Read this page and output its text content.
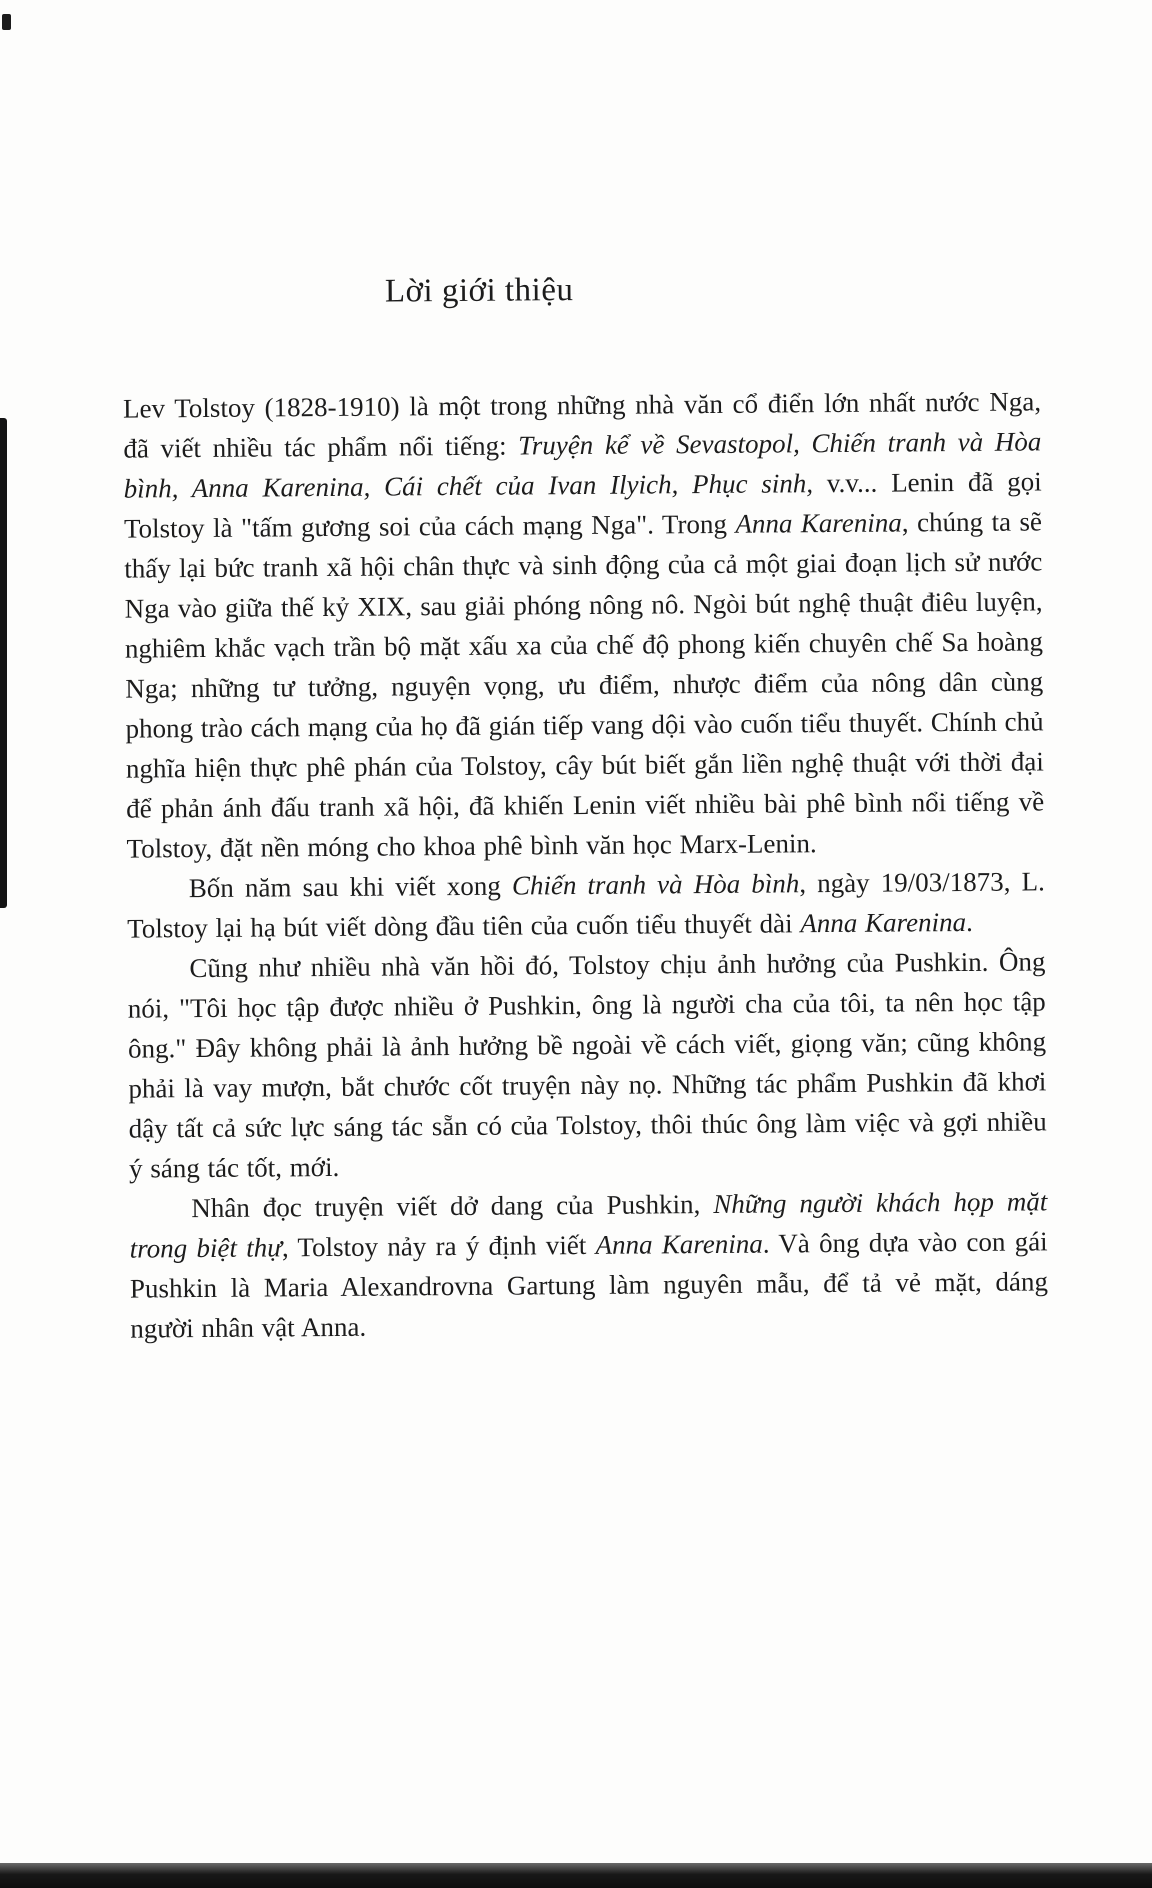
Lời giới thiệu

Lev Tolstoy (1828-1910) là một trong những nhà văn cổ điển lớn nhất nước Nga, đã viết nhiều tác phẩm nổi tiếng: Truyện kể về Sevastopol, Chiến tranh và Hòa bình, Anna Karenina, Cái chết của Ivan Ilyich, Phục sinh, v.v... Lenin đã gọi Tolstoy là "tấm gương soi của cách mạng Nga". Trong Anna Karenina, chúng ta sẽ thấy lại bức tranh xã hội chân thực và sinh động của cả một giai đoạn lịch sử nước Nga vào giữa thế kỷ XIX, sau giải phóng nông nô. Ngòi bút nghệ thuật điêu luyện, nghiêm khắc vạch trần bộ mặt xấu xa của chế độ phong kiến chuyên chế Sa hoàng Nga; những tư tưởng, nguyện vọng, ưu điểm, nhược điểm của nông dân cùng phong trào cách mạng của họ đã gián tiếp vang dội vào cuốn tiểu thuyết. Chính chủ nghĩa hiện thực phê phán của Tolstoy, cây bút biết gắn liền nghệ thuật với thời đại để phản ánh đấu tranh xã hội, đã khiến Lenin viết nhiều bài phê bình nổi tiếng về Tolstoy, đặt nền móng cho khoa phê bình văn học Marx-Lenin.

Bốn năm sau khi viết xong Chiến tranh và Hòa bình, ngày 19/03/1873, L. Tolstoy lại hạ bút viết dòng đầu tiên của cuốn tiểu thuyết dài Anna Karenina.

Cũng như nhiều nhà văn hồi đó, Tolstoy chịu ảnh hưởng của Pushkin. Ông nói, "Tôi học tập được nhiều ở Pushkin, ông là người cha của tôi, ta nên học tập ông." Đây không phải là ảnh hưởng bề ngoài về cách viết, giọng văn; cũng không phải là vay mượn, bắt chước cốt truyện này nọ. Những tác phẩm Pushkin đã khơi dậy tất cả sức lực sáng tác sẵn có của Tolstoy, thôi thúc ông làm việc và gợi nhiều ý sáng tác tốt, mới.

Nhân đọc truyện viết dở dang của Pushkin, Những người khách họp mặt trong biệt thự, Tolstoy nảy ra ý định viết Anna Karenina. Và ông dựa vào con gái Pushkin là Maria Alexandrovna Gartung làm nguyên mẫu, để tả vẻ mặt, dáng người nhân vật Anna.
